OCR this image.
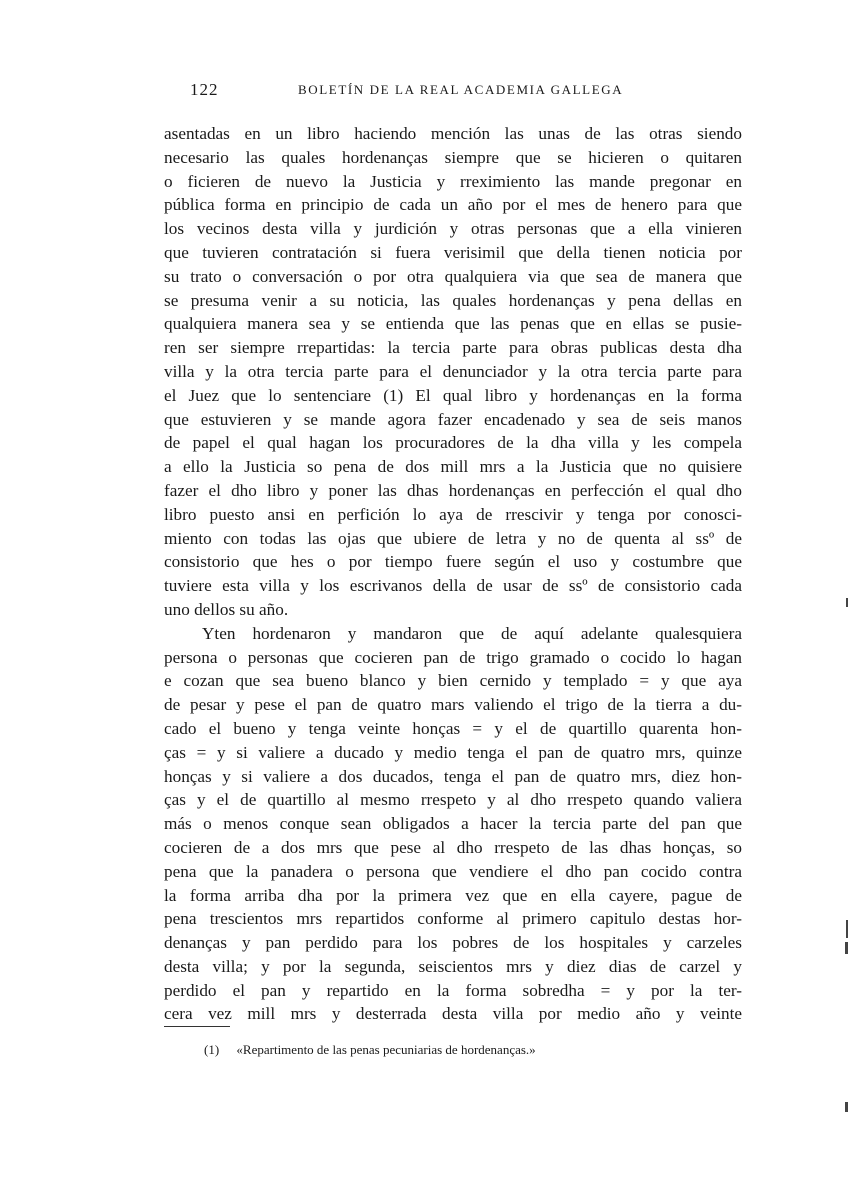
122	BOLETÍN DE LA REAL ACADEMIA GALLEGA
asentadas en un libro haciendo mención las unas de las otras siendo
necesario las quales hordenanças siempre que se hicieren o quitaren
o ficieren de nuevo la Justicia y rreximiento las mande pregonar en
pública forma en principio de cada un año por el mes de henero para que
los vecinos desta villa y jurdición y otras personas que a ella vinieren
que tuvieren contratación si fuera verisimil que della tienen noticia por
su trato o conversación o por otra qualquiera via que sea de manera que
se presuma venir a su noticia, las quales hordenanças y pena dellas en
qualquiera manera sea y se entienda que las penas que en ellas se pusie-
ren ser siempre rrepartidas: la tercia parte para obras publicas desta dha
villa y la otra tercia parte para el denunciador y la otra tercia parte para
el Juez que lo sentenciare (1) El qual libro y hordenanças en la forma
que estuvieren y se mande agora fazer encadenado y sea de seis manos
de papel el qual hagan los procuradores de la dha villa y les compela
a ello la Justicia so pena de dos mill mrs a la Justicia que no quisiere
fazer el dho libro y poner las dhas hordenanças en perfección el qual dho
libro puesto ansi en perfición lo aya de rrescivir y tenga por conosci-
miento con todas las ojas que ubiere de letra y no de quenta al ssº de
consistorio que hes o por tiempo fuere según el uso y costumbre que
tuviere esta villa y los escrivanos della de usar de ssº de consistorio cada
uno dellos su año.
Yten hordenaron y mandaron que de aquí adelante qualesquiera
persona o personas que cocieren pan de trigo gramado o cocido lo hagan
e cozan que sea bueno blanco y bien cernido y templado = y que aya
de pesar y pese el pan de quatro mars valiendo el trigo de la tierra a du-
cado el bueno y tenga veinte honças = y el de quartillo quarenta hon-
ças = y si valiere a ducado y medio tenga el pan de quatro mrs, quinze
honças y si valiere a dos ducados, tenga el pan de quatro mrs, diez hon-
ças y el de quartillo al mesmo rrespeto y al dho rrespeto quando valiera
más o menos conque sean obligados a hacer la tercia parte del pan que
cocieren de a dos mrs que pese al dho rrespeto de las dhas honças, so
pena que la panadera o persona que vendiere el dho pan cocido contra
la forma arriba dha por la primera vez que en ella cayere, pague de
pena trescientos mrs repartidos conforme al primero capitulo destas hor-
denanças y pan perdido para los pobres de los hospitales y carzeles
desta villa; y por la segunda, seiscientos mrs y diez dias de carzel y
perdido el pan y repartido en la forma sobredha = y por la ter-
cera vez mill mrs y desterrada desta villa por medio año y veinte
(1) «Repartimento de las penas pecuniarias de hordenanças.»
